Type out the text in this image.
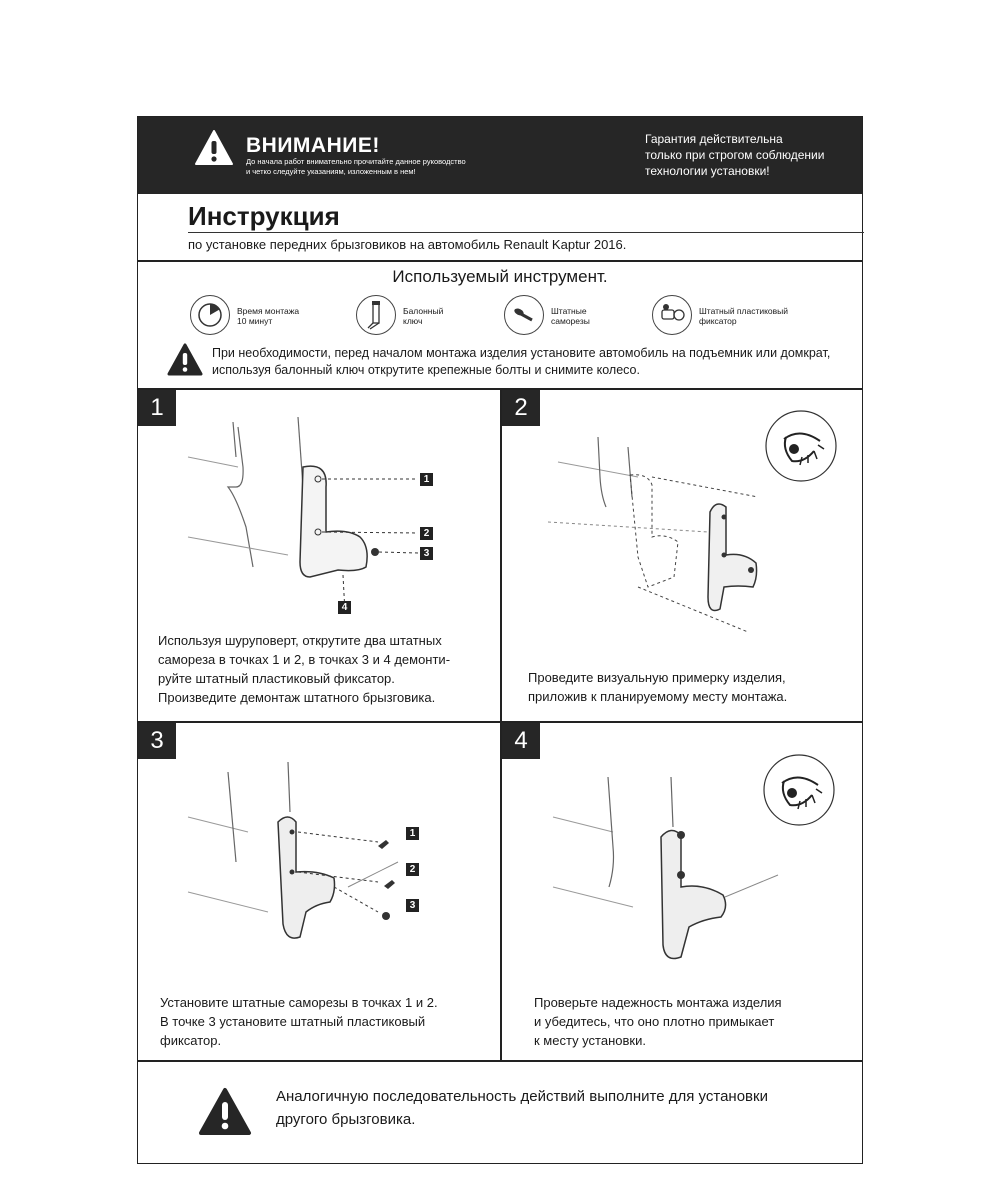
ВНИМАНИЕ!
До начала работ внимательно прочитайте данное руководство
и четко следуйте указаниям, изложенным в нем!
Гарантия действительна
только при строгом соблюдении
технологии установки!
Инструкция
по установке передних брызговиков на автомобиль Renault Kaptur 2016.
Используемый инструмент.
Время монтажа
10 минут
Балонный
ключ
Штатные
саморезы
Штатный пластиковый
фиксатор
При необходимости, перед началом монтажа изделия установите автомобиль на подъемник или домкрат, используя балонный ключ открутите крепежные болты и снимите колесо.
1
1
2
3
4
Используя шуруповерт, открутите два штатных
самореза в точках 1 и 2, в точках 3 и 4 демонти-
руйте штатный пластиковый фиксатор.
Произведите демонтаж штатного брызговика.
2
Проведите визуальную примерку изделия,
приложив к планируемому месту монтажа.
3
1
2
3
Установите штатные саморезы в точках 1 и 2.
В точке 3 установите штатный пластиковый
фиксатор.
4
Проверьте надежность монтажа изделия
и убедитесь, что оно плотно примыкает
к месту установки.
Аналогичную последовательность действий выполните для установки другого брызговика.
